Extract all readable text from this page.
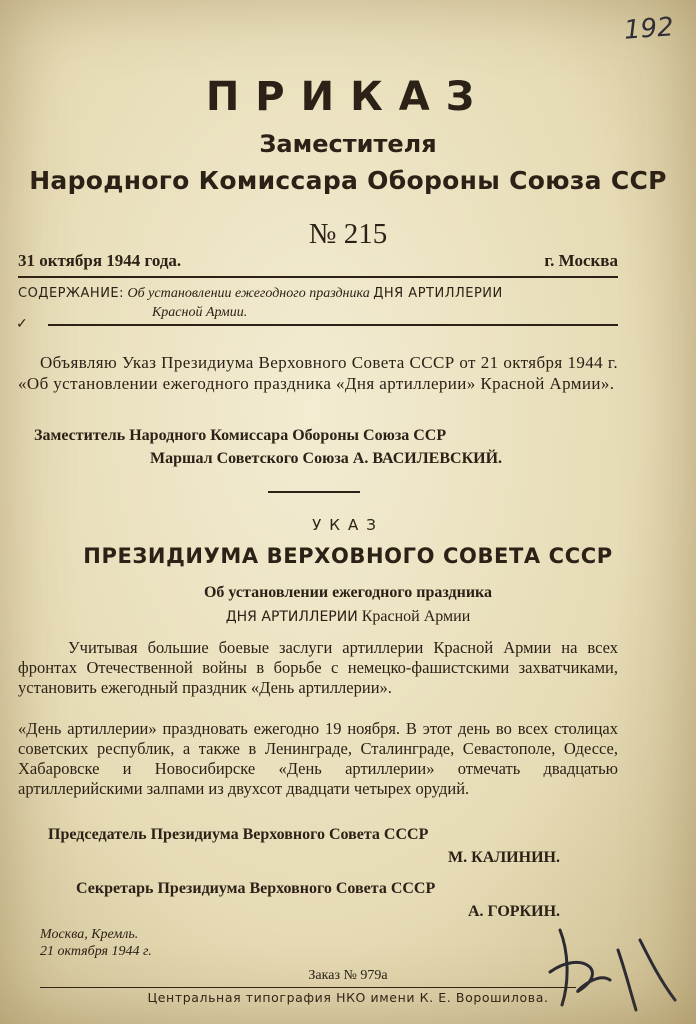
192
ПРИКАЗ
Заместителя
Народного Комиссара Обороны Союза ССР
№ 215
31 октября 1944 года.	г. Москва
СОДЕРЖАНИЕ: Об установлении ежегодного праздника ДНЯ АРТИЛЛЕРИИ
Красной Армии.
✓
Объявляю Указ Президиума Верховного Совета СССР от 21 октября 1944 г. «Об установлении ежегодного праздника «Дня артиллерии» Красной Армии».
Заместитель Народного Комиссара Обороны Союза ССР
Маршал Советского Союза А. ВАСИЛЕВСКИЙ.
УКАЗ
ПРЕЗИДИУМА ВЕРХОВНОГО СОВЕТА СССР
Об установлении ежегодного праздника
ДНЯ АРТИЛЛЕРИИ Красной Армии
Учитывая большие боевые заслуги артиллерии Красной Армии на всех фронтах Отечественной войны в борьбе с немецко-фашистскими захватчиками, установить ежегодный праздник «День артиллерии».
«День артиллерии» праздновать ежегодно 19 ноября. В этот день во всех столицах советских республик, а также в Ленинграде, Сталинграде, Севастополе, Одессе, Хабаровске и Новосибирске «День артиллерии» отмечать двадцатью артиллерийскими залпами из двухсот двадцати четырех орудий.
Председатель Президиума Верховного Совета СССР
М. КАЛИНИН.
Секретарь Президиума Верховного Совета СССР
А. ГОРКИН.
Москва, Кремль.
21 октября 1944 г.
Заказ № 979а
Центральная типография НКО имени К. Е. Ворошилова.
